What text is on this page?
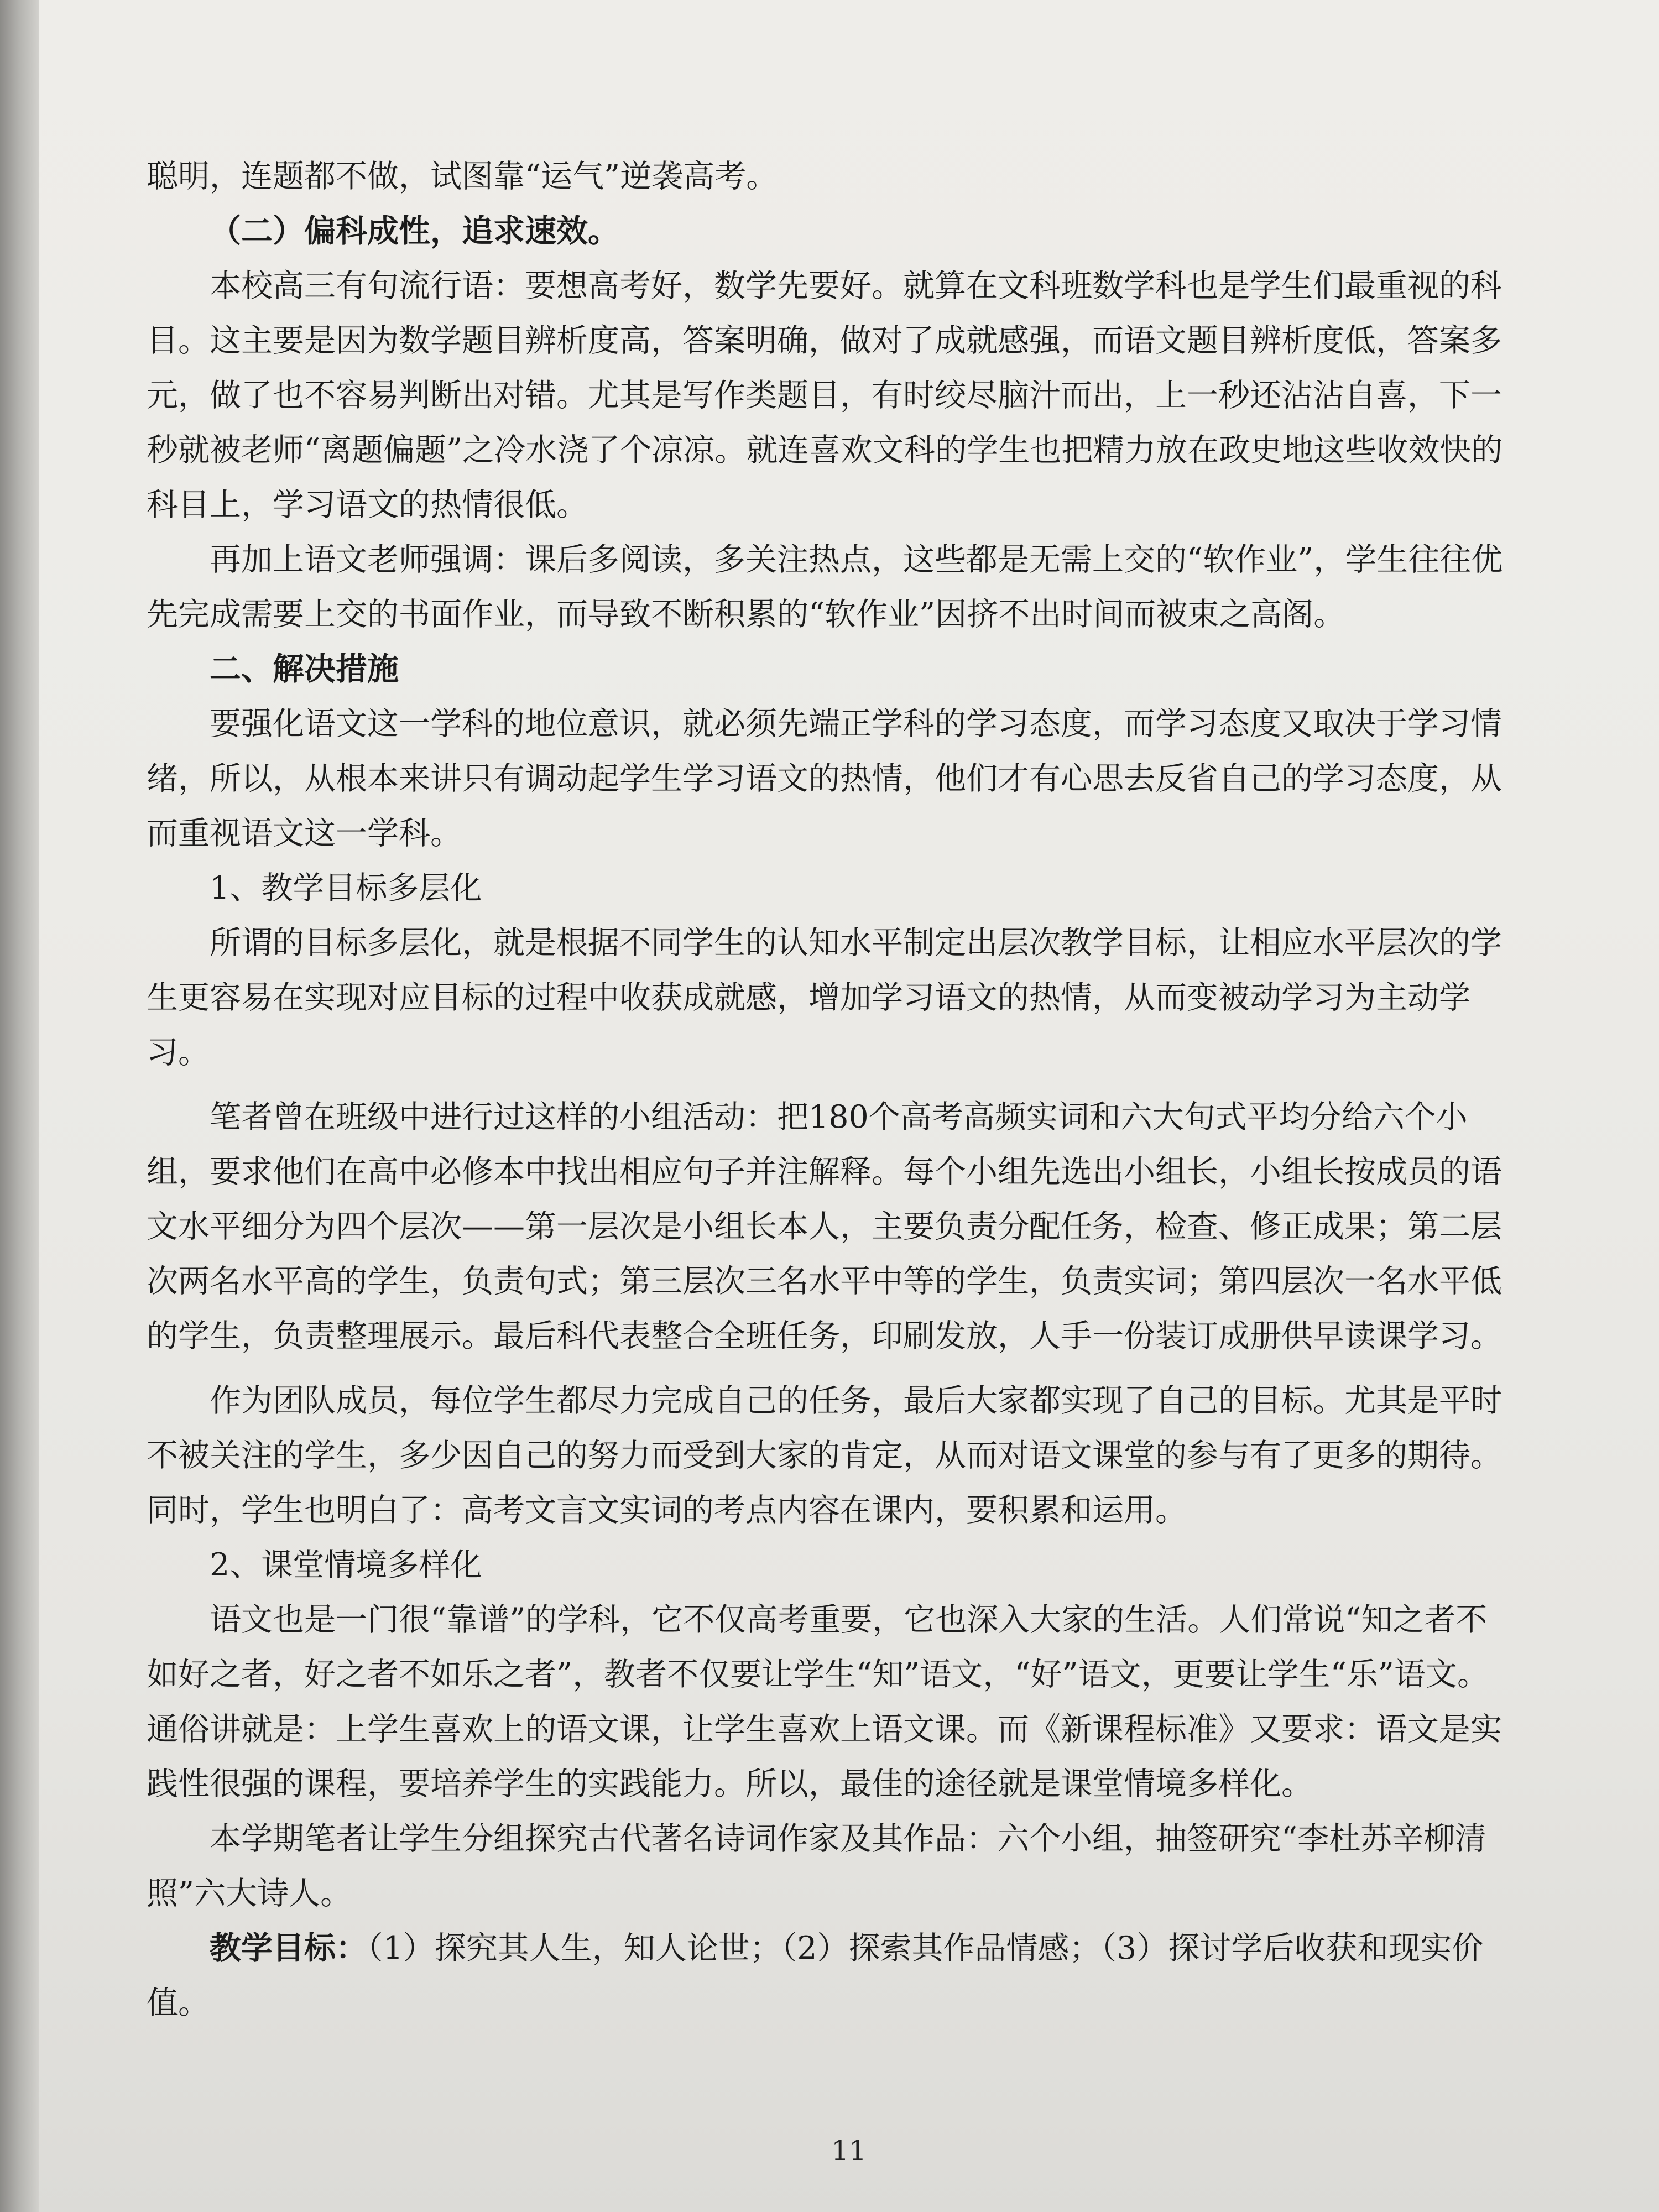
聪明，连题都不做，试图靠“运气”逆袭高考。

（二）偏科成性，追求速效。

本校高三有句流行语：要想高考好，数学先要好。就算在文科班数学科也是学生们最重视的科目。这主要是因为数学题目辨析度高，答案明确，做对了成就感强，而语文题目辨析度低，答案多元，做了也不容易判断出对错。尤其是写作类题目，有时绞尽脑汁而出，上一秒还沾沾自喜，下一秒就被老师“离题偏题”之冷水浇了个凉凉。就连喜欢文科的学生也把精力放在政史地这些收效快的科目上，学习语文的热情很低。

再加上语文老师强调：课后多阅读，多关注热点，这些都是无需上交的“软作业”，学生往往优先完成需要上交的书面作业，而导致不断积累的“软作业”因挤不出时间而被束之高阁。

二、解决措施

要强化语文这一学科的地位意识，就必须先端正学科的学习态度，而学习态度又取决于学习情绪，所以，从根本来讲只有调动起学生学习语文的热情，他们才有心思去反省自己的学习态度，从而重视语文这一学科。

1、教学目标多层化

所谓的目标多层化，就是根据不同学生的认知水平制定出层次教学目标，让相应水平层次的学生更容易在实现对应目标的过程中收获成就感，增加学习语文的热情，从而变被动学习为主动学习。

笔者曾在班级中进行过这样的小组活动：把180个高考高频实词和六大句式平均分给六个小组，要求他们在高中必修本中找出相应句子并注解释。每个小组先选出小组长，小组长按成员的语文水平细分为四个层次——第一层次是小组长本人，主要负责分配任务，检查、修正成果；第二层次两名水平高的学生，负责句式；第三层次三名水平中等的学生，负责实词；第四层次一名水平低的学生，负责整理展示。最后科代表整合全班任务，印刷发放，人手一份装订成册供早读课学习。

作为团队成员，每位学生都尽力完成自己的任务，最后大家都实现了自己的目标。尤其是平时不被关注的学生，多少因自己的努力而受到大家的肯定，从而对语文课堂的参与有了更多的期待。同时，学生也明白了：高考文言文实词的考点内容在课内，要积累和运用。

2、课堂情境多样化

语文也是一门很“靠谱”的学科，它不仅高考重要，它也深入大家的生活。人们常说“知之者不如好之者，好之者不如乐之者”，教者不仅要让学生“知”语文，“好”语文，更要让学生“乐”语文。通俗讲就是：上学生喜欢上的语文课，让学生喜欢上语文课。而《新课程标准》又要求：语文是实践性很强的课程，要培养学生的实践能力。所以，最佳的途径就是课堂情境多样化。

本学期笔者让学生分组探究古代著名诗词作家及其作品：六个小组，抽签研究“李杜苏辛柳清照”六大诗人。

教学目标：（1）探究其人生，知人论世；（2）探索其作品情感；（3）探讨学后收获和现实价值。

11
